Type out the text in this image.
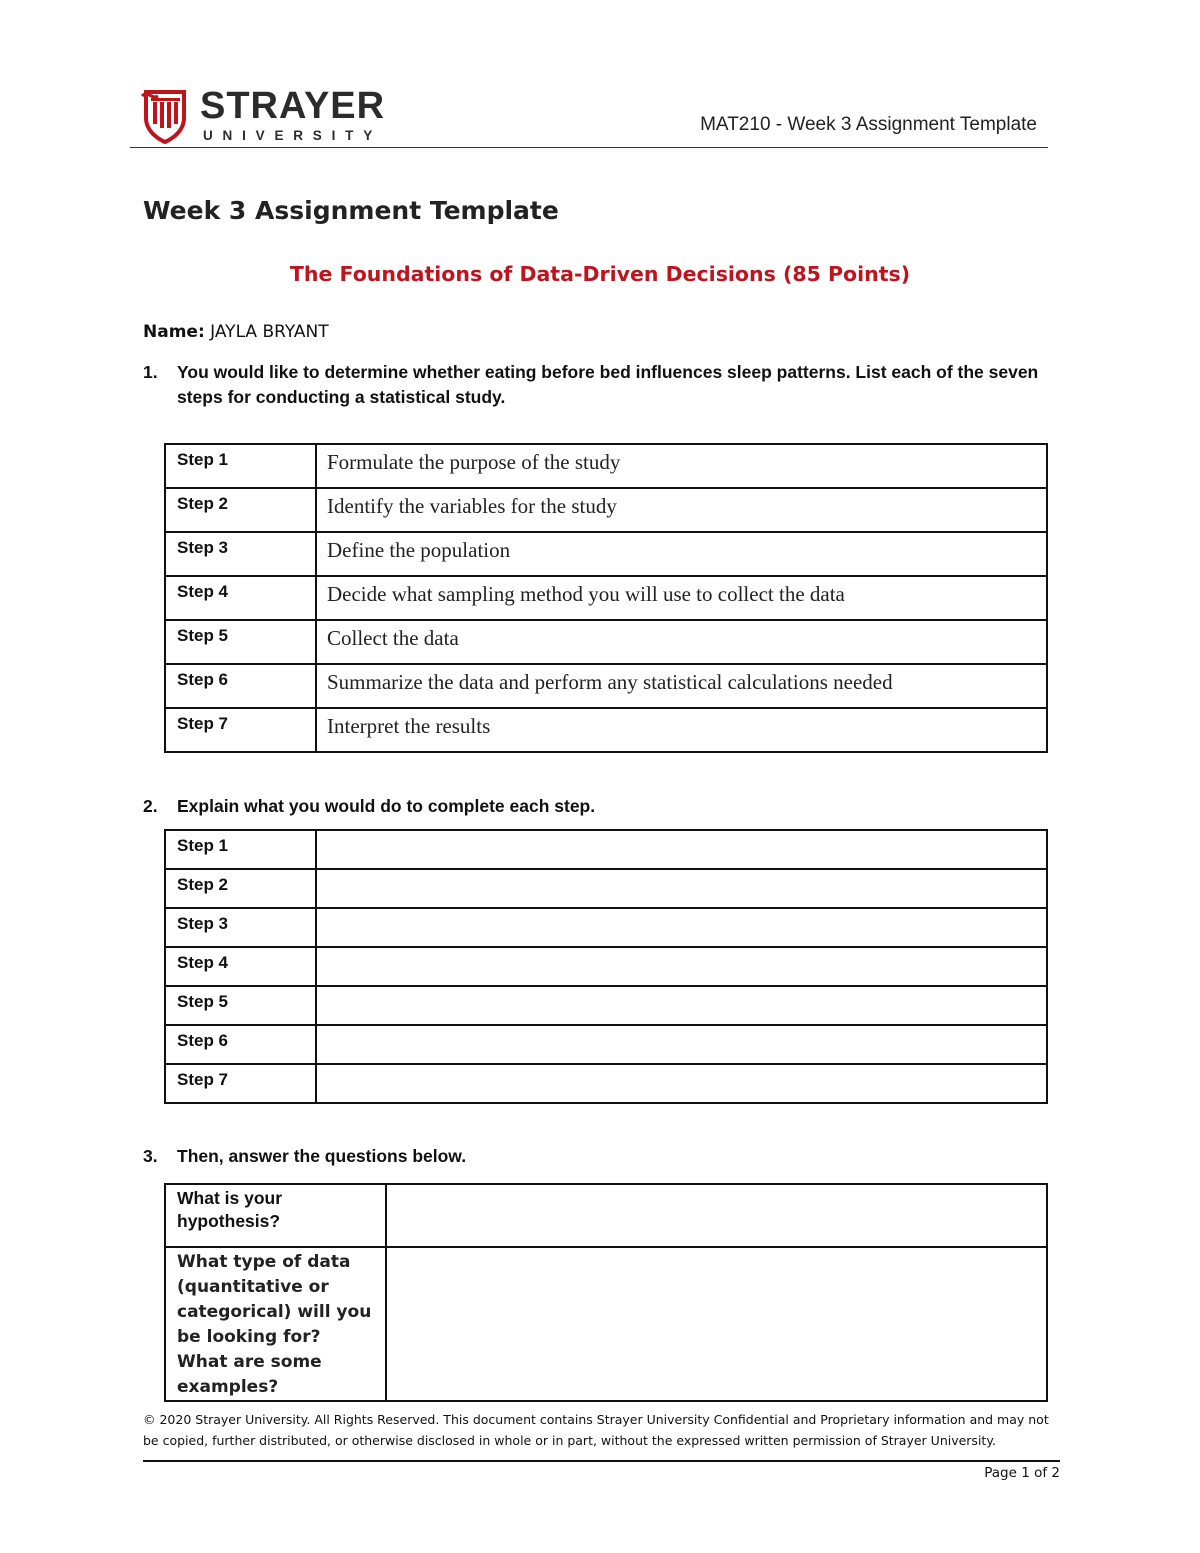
STRAYER
UNIVERSITY
MAT210 - Week 3 Assignment Template
Week 3 Assignment Template
The Foundations of Data-Driven Decisions (85 Points)
Name: JAYLA BRYANT
1. You would like to determine whether eating before bed influences sleep patterns. List each of the seven steps for conducting a statistical study.
Step 1	Formulate the purpose of the study
Step 2	Identify the variables for the study
Step 3	Define the population
Step 4	Decide what sampling method you will use to collect the data
Step 5	Collect the data
Step 6	Summarize the data and perform any statistical calculations needed
Step 7	Interpret the results
2. Explain what you would do to complete each step.
Step 1	
Step 2	
Step 3	
Step 4	
Step 5	
Step 6	
Step 7	
3. Then, answer the questions below.
What is your hypothesis?	
What type of data (quantitative or categorical) will you be looking for? What are some examples?	
© 2020 Strayer University. All Rights Reserved. This document contains Strayer University Confidential and Proprietary information and may not be copied, further distributed, or otherwise disclosed in whole or in part, without the expressed written permission of Strayer University.
Page 1 of 2
